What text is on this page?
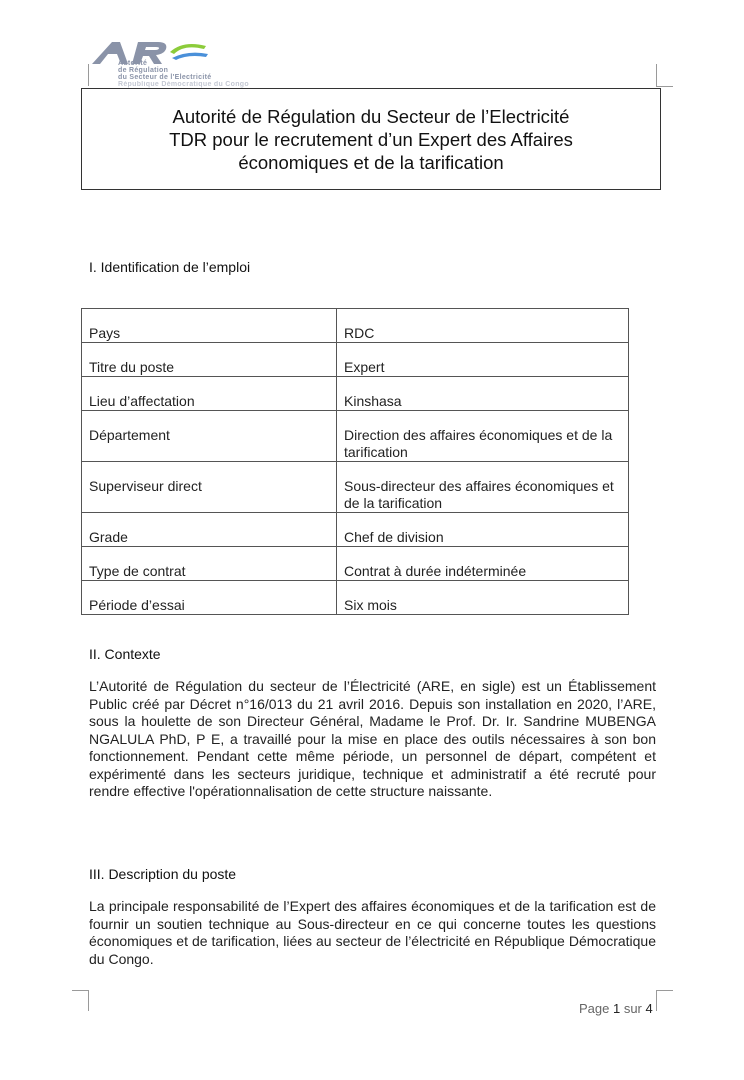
Autorité
de Régulation
du Secteur de l'Electricité
République Démocratique du Congo
Autorité de Régulation du Secteur de l’Electricité
TDR pour le recrutement d’un Expert des Affaires
économiques et de la tarification
I. Identification de l’emploi
Pays	RDC
Titre du poste	Expert
Lieu d’affectation	Kinshasa
Département	Direction des affaires économiques et de la tarification
Superviseur direct	Sous-directeur des affaires économiques et de la tarification
Grade	Chef de division
Type de contrat	Contrat à durée indéterminée
Période d’essai	Six mois
II. Contexte
L’Autorité de Régulation du secteur de l’Électricité (ARE, en sigle) est un Établissement Public créé par Décret n°16/013 du 21 avril 2016. Depuis son installation en 2020, l’ARE, sous la houlette de son Directeur Général, Madame le Prof. Dr. Ir. Sandrine MUBENGA NGALULA PhD, P E, a travaillé pour la mise en place des outils nécessaires à son bon fonctionnement. Pendant cette même période, un personnel de départ, compétent et expérimenté dans les secteurs juridique, technique et administratif a été recruté pour rendre effective l'opérationnalisation de cette structure naissante.
III. Description du poste
La principale responsabilité de l’Expert des affaires économiques et de la tarification est de fournir un soutien technique au Sous-directeur en ce qui concerne toutes les questions économiques et de tarification, liées au secteur de l’électricité en République Démocratique du Congo.
Page 1 sur 4
